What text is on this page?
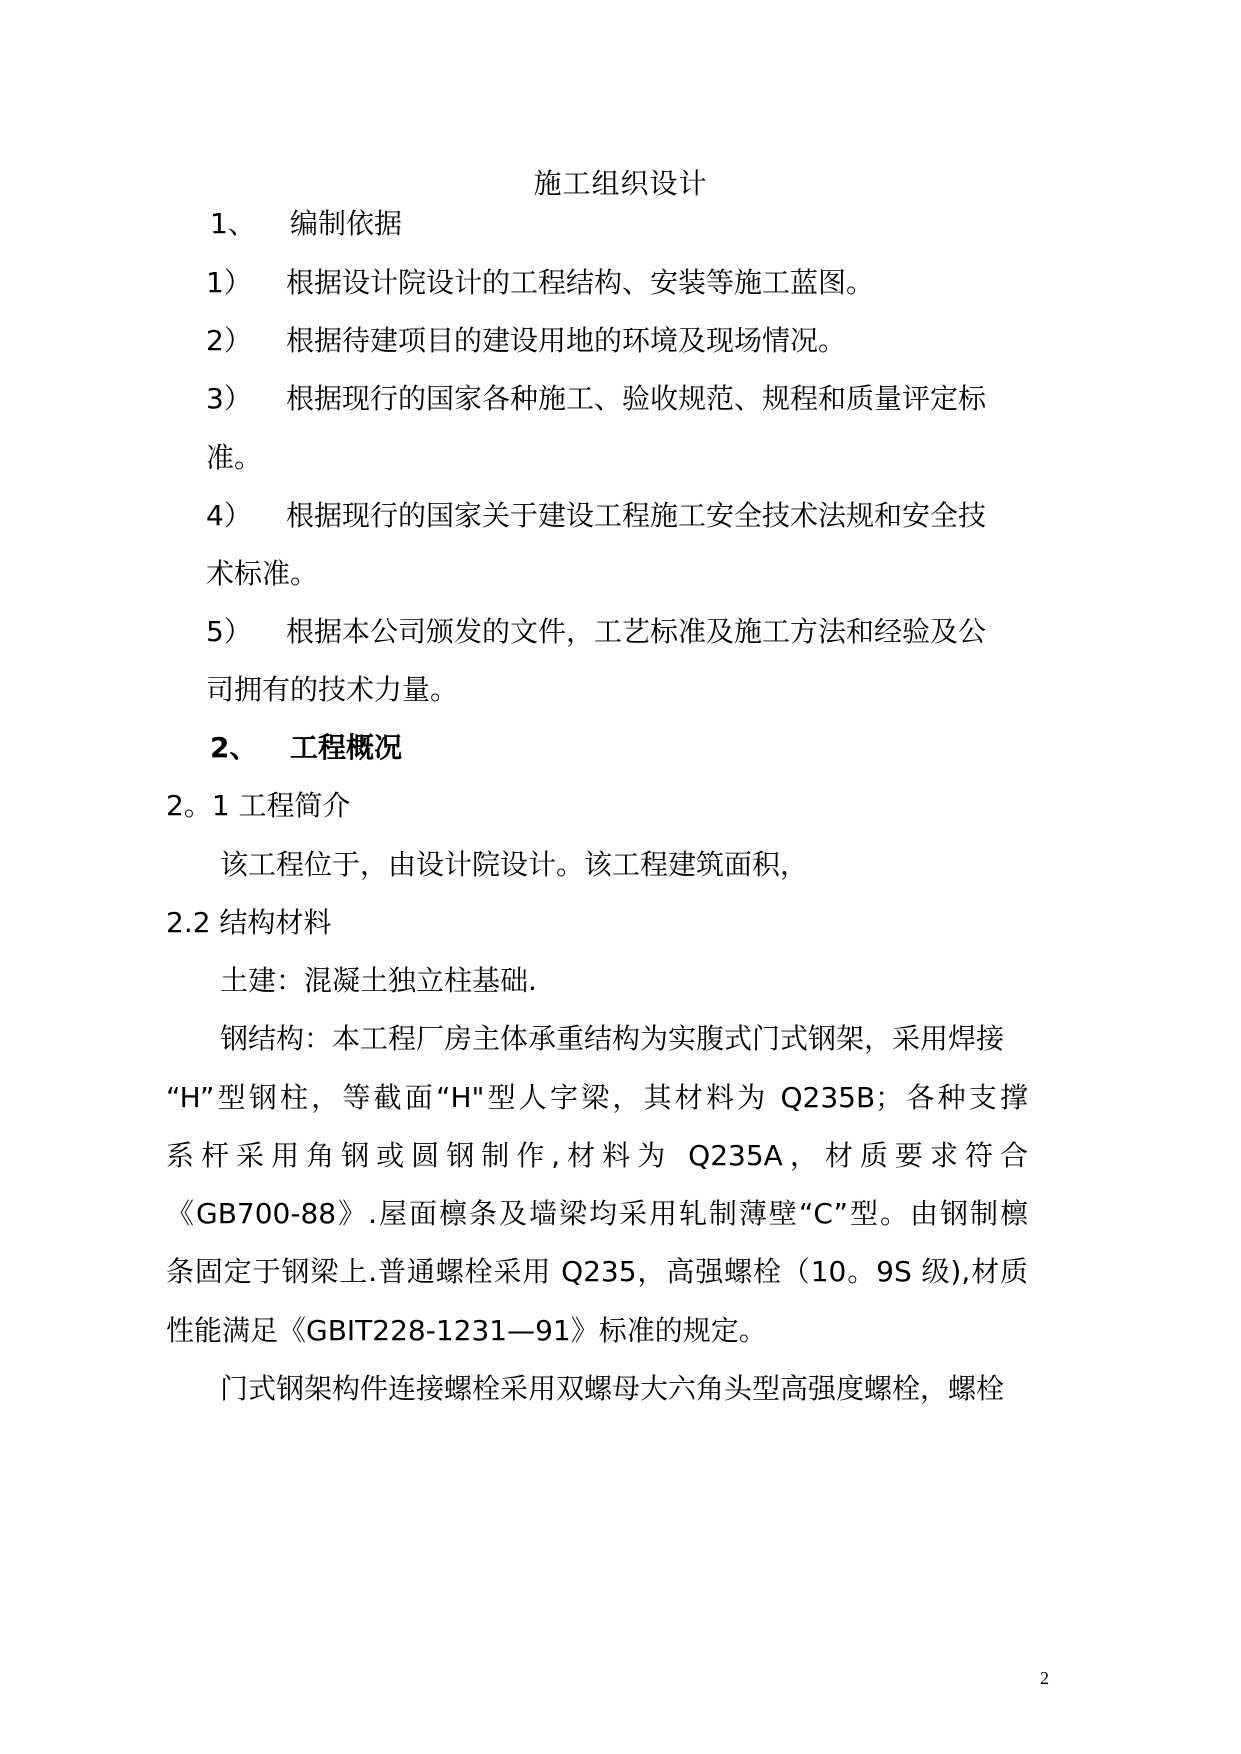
施工组织设计
1、 编制依据
1） 根据设计院设计的工程结构、安装等施工蓝图。
2） 根据待建项目的建设用地的环境及现场情况。
3） 根据现行的国家各种施工、验收规范、规程和质量评定标
准。
4） 根据现行的国家关于建设工程施工安全技术法规和安全技
术标准。
5） 根据本公司颁发的文件，工艺标准及施工方法和经验及公
司拥有的技术力量。
2、 工程概况
2。1 工程简介
该工程位于，由设计院设计。该工程建筑面积，
2.2 结构材料
土建：混凝土独立柱基础.
钢结构：本工程厂房主体承重结构为实腹式门式钢架，采用焊接
“H”型钢柱，等截面“H"型人字梁，其材料为 Q235B；各种支撑
系杆采用角钢或圆钢制作,材料为 Q235A，材质要求符合
《GB700-88》.屋面檩条及墙梁均采用轧制薄壁“C”型。由钢制檩
条固定于钢梁上.普通螺栓采用 Q235，高强螺栓（10。9S 级),材质
性能满足《GBIT228-1231—91》标准的规定。
门式钢架构件连接螺栓采用双螺母大六角头型高强度螺栓，螺栓
2
